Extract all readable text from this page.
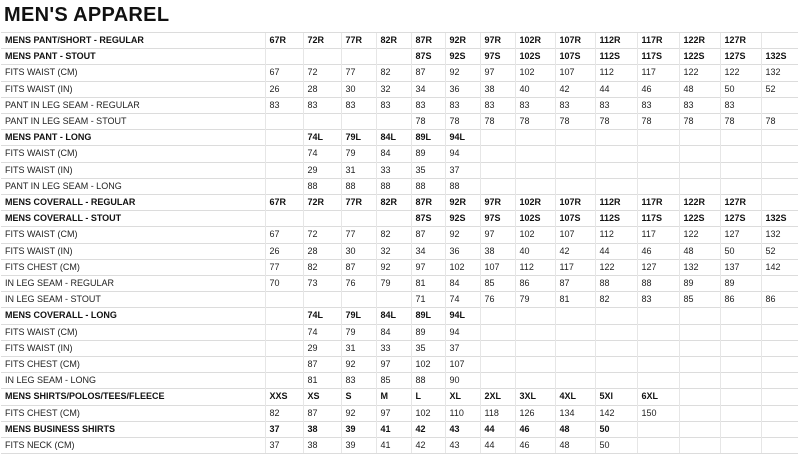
MEN'S APPAREL
MENS PANT/SHORT - REGULAR	67R	72R	77R	82R	87R	92R	97R	102R	107R	112R	117R	122R	127R	
MENS PANT - STOUT					87S	92S	97S	102S	107S	112S	117S	122S	127S	132S
FITS WAIST (CM)	67	72	77	82	87	92	97	102	107	112	117	122	122	132
FITS WAIST (IN)	26	28	30	32	34	36	38	40	42	44	46	48	50	52
PANT IN LEG SEAM - REGULAR	83	83	83	83	83	83	83	83	83	83	83	83	83	
PANT IN LEG SEAM - STOUT					78	78	78	78	78	78	78	78	78	78
MENS PANT - LONG		74L	79L	84L	89L	94L								
FITS WAIST (CM)		74	79	84	89	94								
FITS WAIST (IN)		29	31	33	35	37								
PANT IN LEG SEAM - LONG		88	88	88	88	88								
MENS COVERALL - REGULAR	67R	72R	77R	82R	87R	92R	97R	102R	107R	112R	117R	122R	127R	
MENS COVERALL - STOUT					87S	92S	97S	102S	107S	112S	117S	122S	127S	132S
FITS WAIST (CM)	67	72	77	82	87	92	97	102	107	112	117	122	127	132
FITS WAIST (IN)	26	28	30	32	34	36	38	40	42	44	46	48	50	52
FITS CHEST (CM)	77	82	87	92	97	102	107	112	117	122	127	132	137	142
IN LEG SEAM - REGULAR	70	73	76	79	81	84	85	86	87	88	88	89	89	
IN LEG SEAM - STOUT					71	74	76	79	81	82	83	85	86	86
MENS COVERALL - LONG		74L	79L	84L	89L	94L								
FITS WAIST (CM)		74	79	84	89	94								
FITS WAIST (IN)		29	31	33	35	37								
FITS CHEST (CM)		87	92	97	102	107								
IN LEG SEAM - LONG		81	83	85	88	90								
MENS SHIRTS/POLOS/TEES/FLEECE	XXS	XS	S	M	L	XL	2XL	3XL	4XL	5Xl	6XL			
FITS CHEST (CM)	82	87	92	97	102	110	118	126	134	142	150			
MENS BUSINESS SHIRTS	37	38	39	41	42	43	44	46	48	50				
FITS NECK (CM)	37	38	39	41	42	43	44	46	48	50				
